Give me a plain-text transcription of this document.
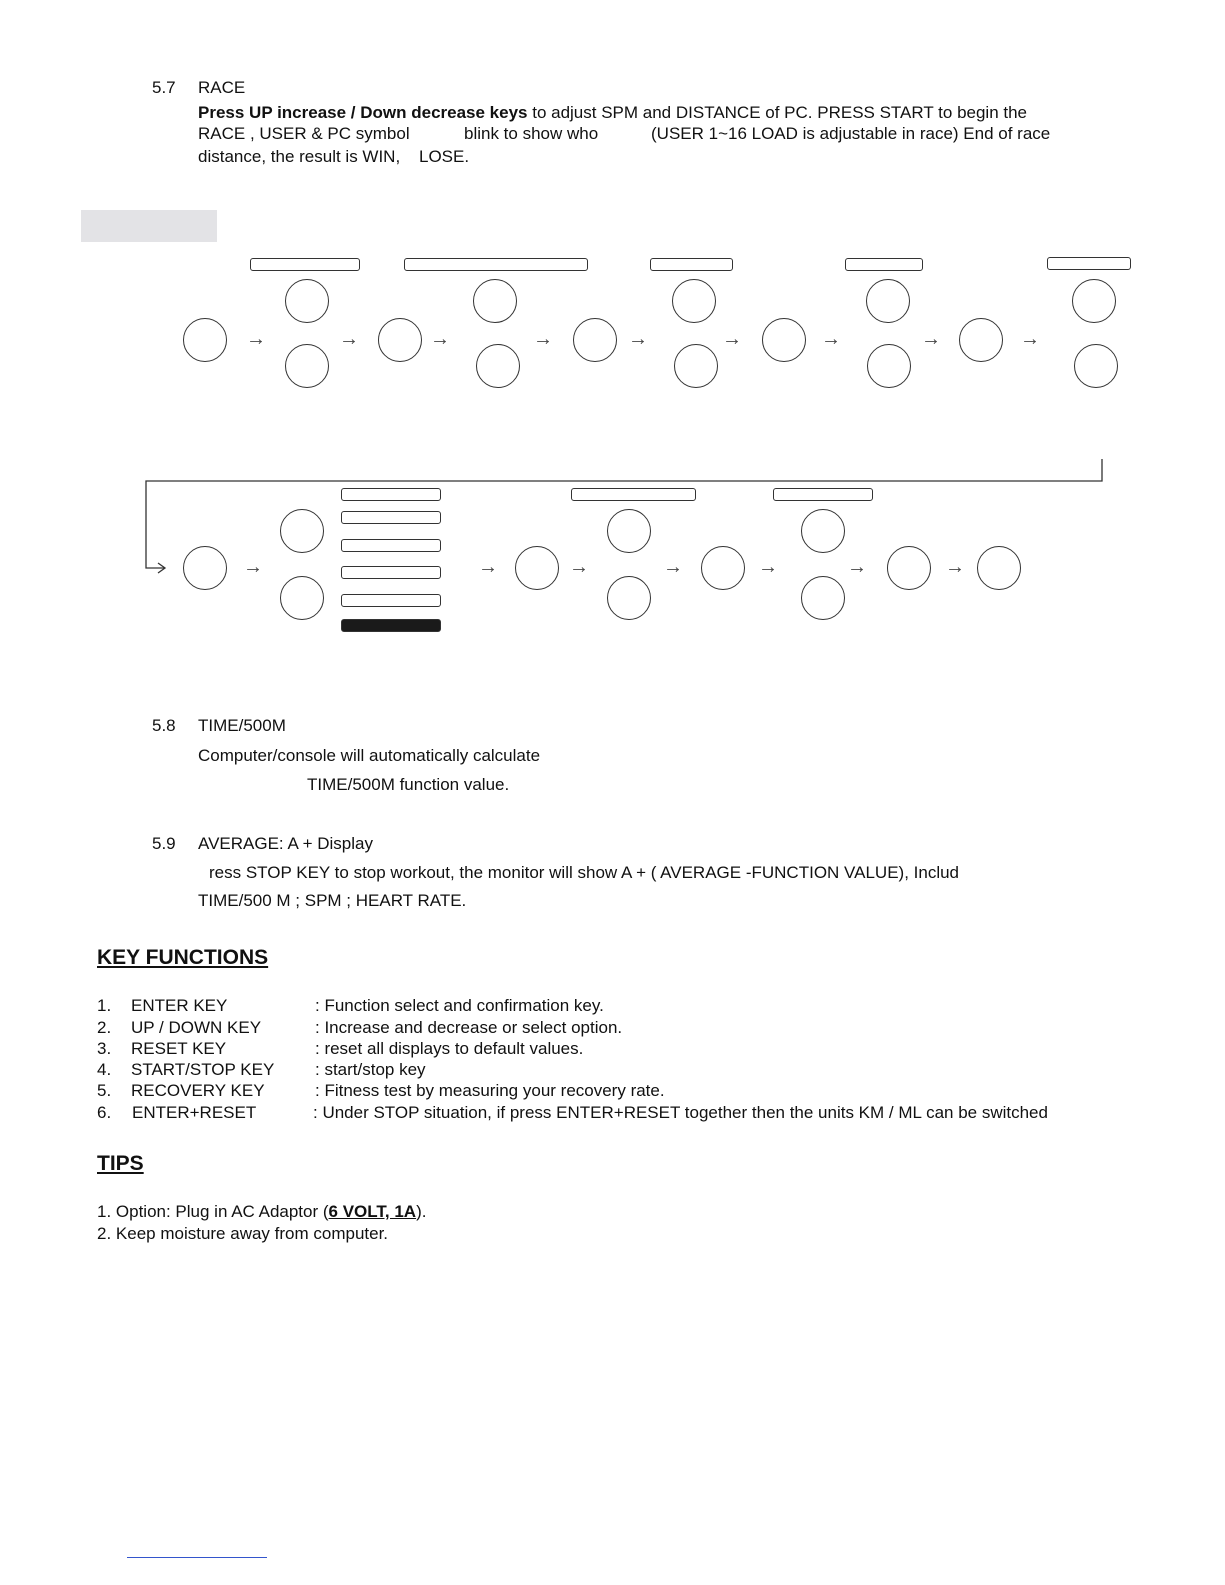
5.7 RACE
Press UP increase / Down decrease keys to adjust SPM and DISTANCE of PC. PRESS START to begin the
RACE , USER & PC symbol	blink to show who	(USER 1~16 LOAD is adjustable in race) End of race
distance, the result is WIN, LOSE.
→	→	→	→	→	→	→	→	→
→	→	→	→	→	→	→
5.8 TIME/500M
Computer/console will automatically calculate
TIME/500M function value.
5.9 AVERAGE: A + Display
ress STOP KEY to stop workout, the monitor will show A + ( AVERAGE -FUNCTION VALUE), Includ
TIME/500 M ; SPM ; HEART RATE.
KEY FUNCTIONS
1. ENTER KEY	: Function select and confirmation key.
2. UP / DOWN KEY	: Increase and decrease or select option.
3. RESET KEY	: reset all displays to default values.
4. START/STOP KEY : start/stop key
5. RECOVERY KEY	: Fitness test by measuring your recovery rate.
6. ENTER+RESET	: Under STOP situation, if press ENTER+RESET together then the units KM / ML can be switched
TIPS
1. Option: Plug in AC Adaptor (6 VOLT, 1A).
2. Keep moisture away from computer.
